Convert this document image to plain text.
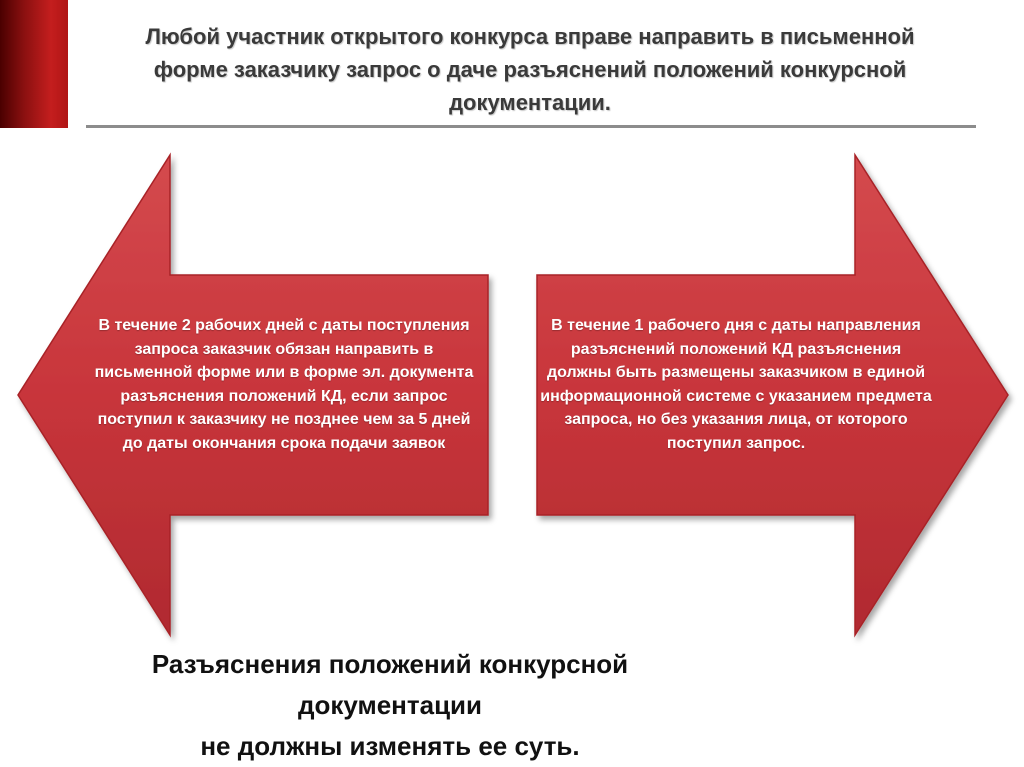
Любой участник открытого конкурса вправе направить в письменной форме заказчику запрос о даче разъяснений положений конкурсной документации.

В течение 2 рабочих дней с даты поступления запроса заказчик обязан направить в письменной форме или в форме эл. документа разъяснения положений КД, если запрос поступил к заказчику не позднее чем за 5 дней до даты окончания срока подачи заявок

В течение 1 рабочего дня с даты направления разъяснений положений КД разъяснения должны быть размещены заказчиком в единой информационной системе с указанием предмета запроса, но без указания лица, от которого поступил запрос.

Разъяснения положений конкурсной
документации
не должны изменять ее суть.
